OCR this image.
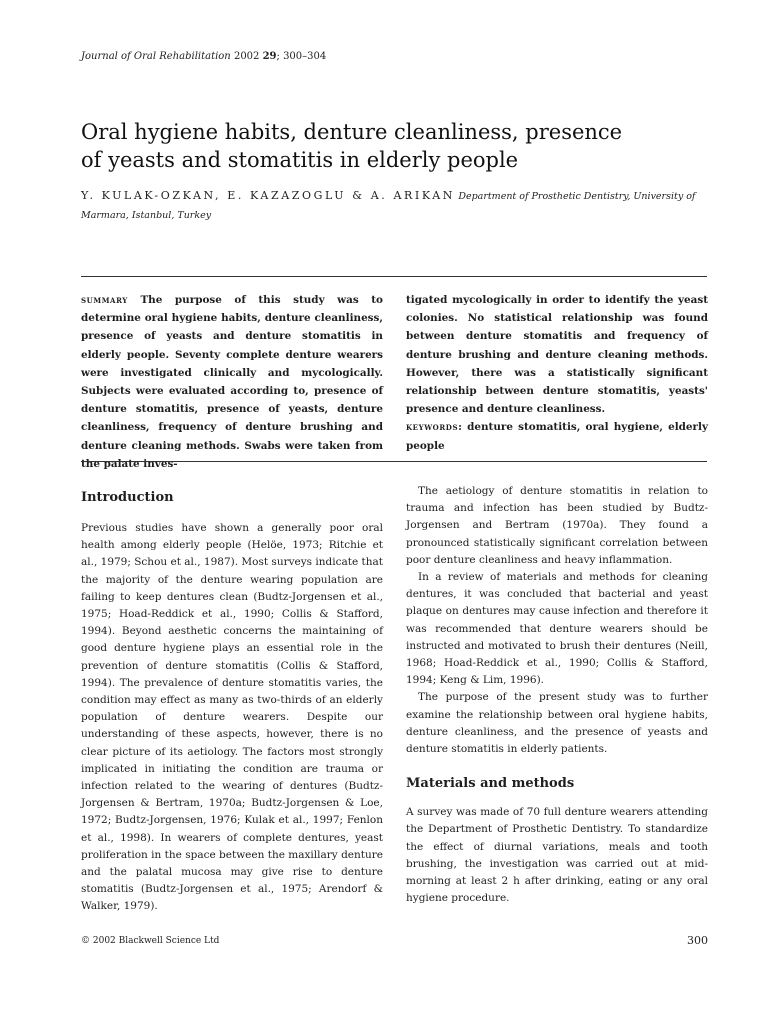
Journal of Oral Rehabilitation 2002 29; 300–304
Oral hygiene habits, denture cleanliness, presence
of yeasts and stomatitis in elderly people
Y. KULAK-OZKAN, E. KAZAZOGLU & A. ARIKAN Department of Prosthetic Dentistry, University of Marmara, Istanbul, Turkey
summary The purpose of this study was to determine oral hygiene habits, denture cleanliness, presence of yeasts and denture stomatitis in elderly people. Seventy complete denture wearers were investigated clinically and mycologically. Subjects were evaluated according to, presence of denture stomatitis, presence of yeasts, denture cleanliness, frequency of denture brushing and denture cleaning methods. Swabs were taken from the palate inves-
tigated mycologically in order to identify the yeast colonies. No statistical relationship was found between denture stomatitis and frequency of denture brushing and denture cleaning methods. However, there was a statistically significant relationship between denture stomatitis, yeasts' presence and denture cleanliness.
keywords: denture stomatitis, oral hygiene, elderly people
Introduction

Previous studies have shown a generally poor oral health among elderly people (Helöe, 1973; Ritchie et al., 1979; Schou et al., 1987). Most surveys indicate that the majority of the denture wearing population are failing to keep dentures clean (Budtz-Jorgensen et al., 1975; Hoad-Reddick et al., 1990; Collis & Stafford, 1994). Beyond aesthetic concerns the maintaining of good denture hygiene plays an essential role in the prevention of denture stomatitis (Collis & Stafford, 1994). The prevalence of denture stomatitis varies, the condition may effect as many as two-thirds of an elderly population of denture wearers. Despite our understanding of these aspects, however, there is no clear picture of its aetiology. The factors most strongly implicated in initiating the condition are trauma or infection related to the wearing of dentures (Budtz-Jorgensen & Bertram, 1970a; Budtz-Jorgensen & Loe, 1972; Budtz-Jorgensen, 1976; Kulak et al., 1997; Fenlon et al., 1998). In wearers of complete dentures, yeast proliferation in the space between the maxillary denture and the palatal mucosa may give rise to denture stomatitis (Budtz-Jorgensen et al., 1975; Arendorf & Walker, 1979).

The aetiology of denture stomatitis in relation to trauma and infection has been studied by Budtz-Jorgensen and Bertram (1970a). They found a pronounced statistically significant correlation between poor denture cleanliness and heavy inflammation.

In a review of materials and methods for cleaning dentures, it was concluded that bacterial and yeast plaque on dentures may cause infection and therefore it was recommended that denture wearers should be instructed and motivated to brush their dentures (Neill, 1968; Hoad-Reddick et al., 1990; Collis & Stafford, 1994; Keng & Lim, 1996).

The purpose of the present study was to further examine the relationship between oral hygiene habits, denture cleanliness, and the presence of yeasts and denture stomatitis in elderly patients.

Materials and methods

A survey was made of 70 full denture wearers attending the Department of Prosthetic Dentistry. To standardize the effect of diurnal variations, meals and tooth brushing, the investigation was carried out at mid-morning at least 2 h after drinking, eating or any oral hygiene procedure.

© 2002 Blackwell Science Ltd	300
